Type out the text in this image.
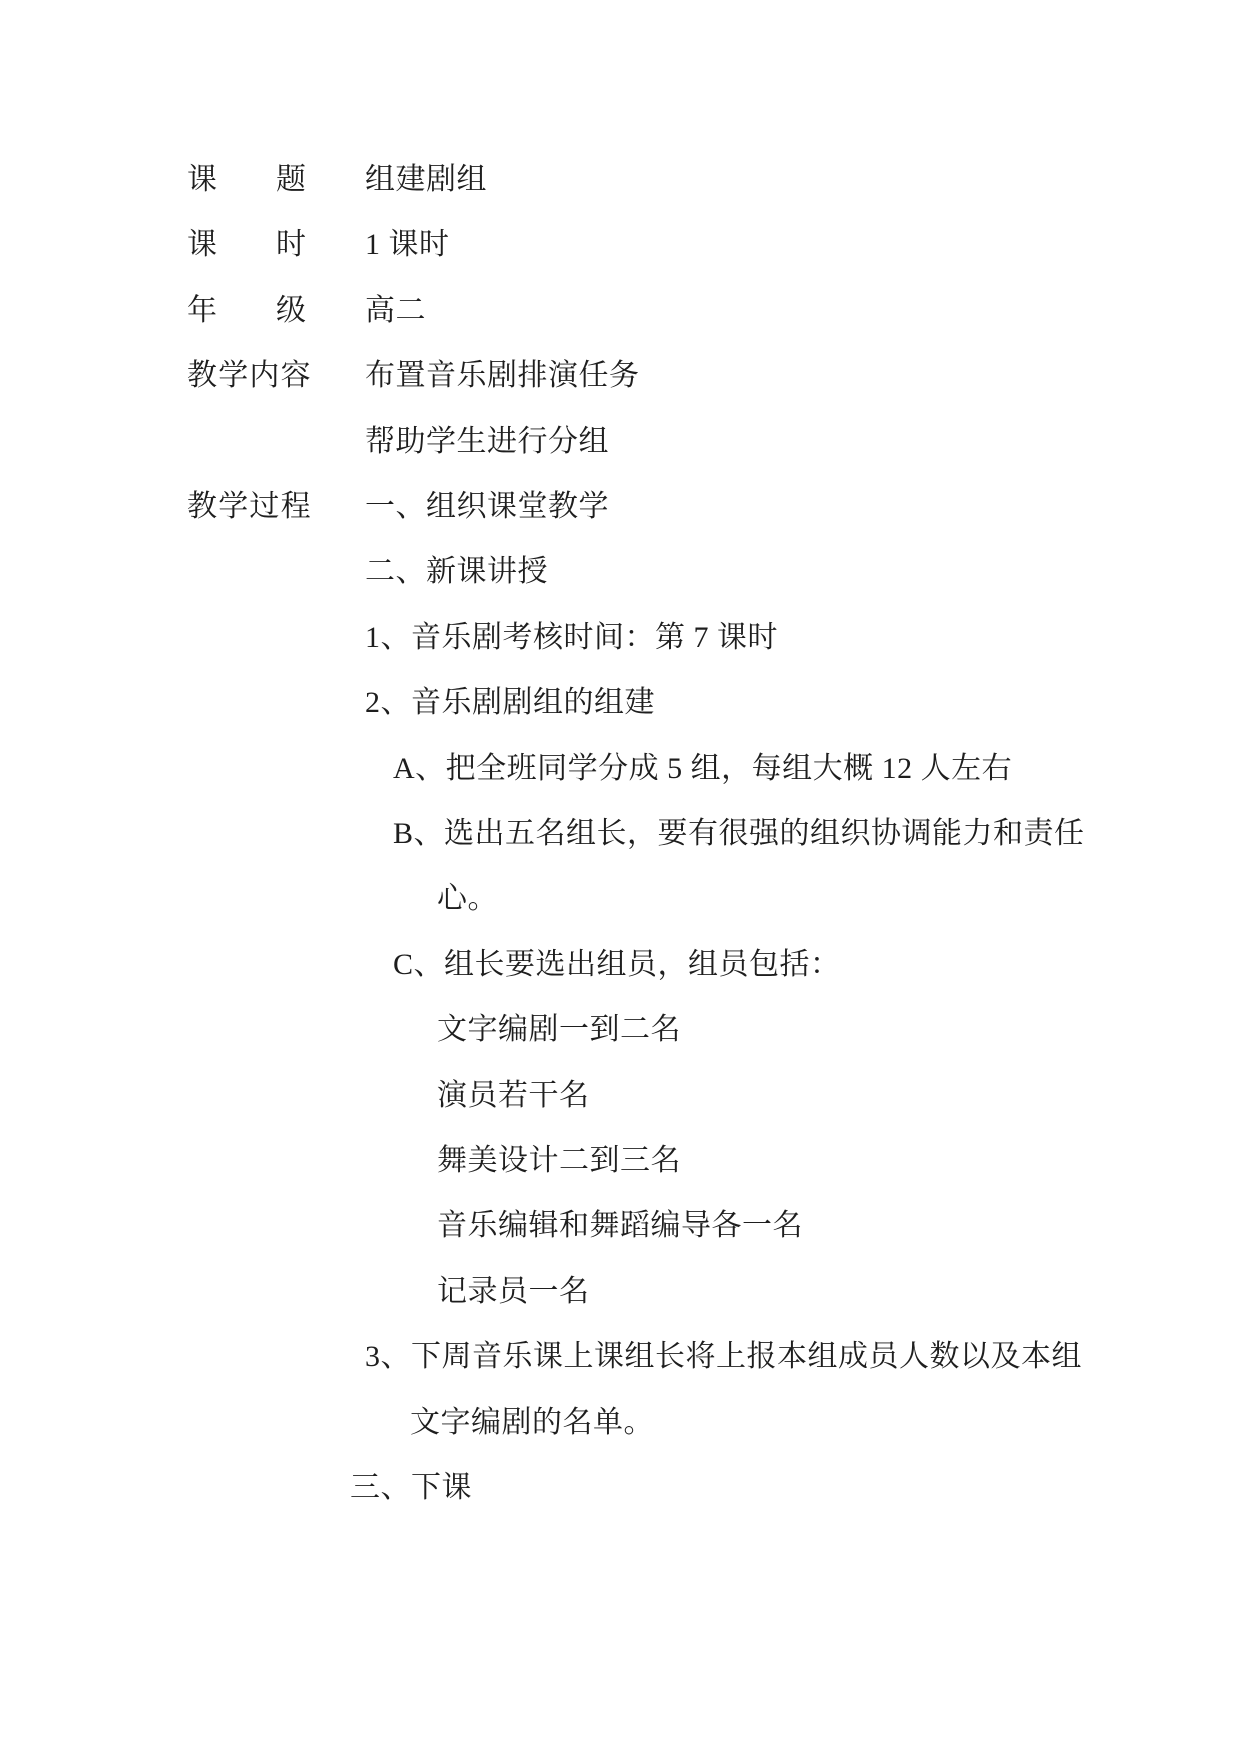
课 题 组建剧组
课 时 1 课时
年 级 高二
教学内容 布置音乐剧排演任务
帮助学生进行分组
教学过程 一、组织课堂教学
二、新课讲授
1、音乐剧考核时间：第 7 课时
2、音乐剧剧组的组建
A、把全班同学分成 5 组，每组大概 12 人左右
B、选出五名组长，要有很强的组织协调能力和责任
心。
C、组长要选出组员，组员包括：
文字编剧一到二名
演员若干名
舞美设计二到三名
音乐编辑和舞蹈编导各一名
记录员一名
3、下周音乐课上课组长将上报本组成员人数以及本组
文字编剧的名单。
三、下课
